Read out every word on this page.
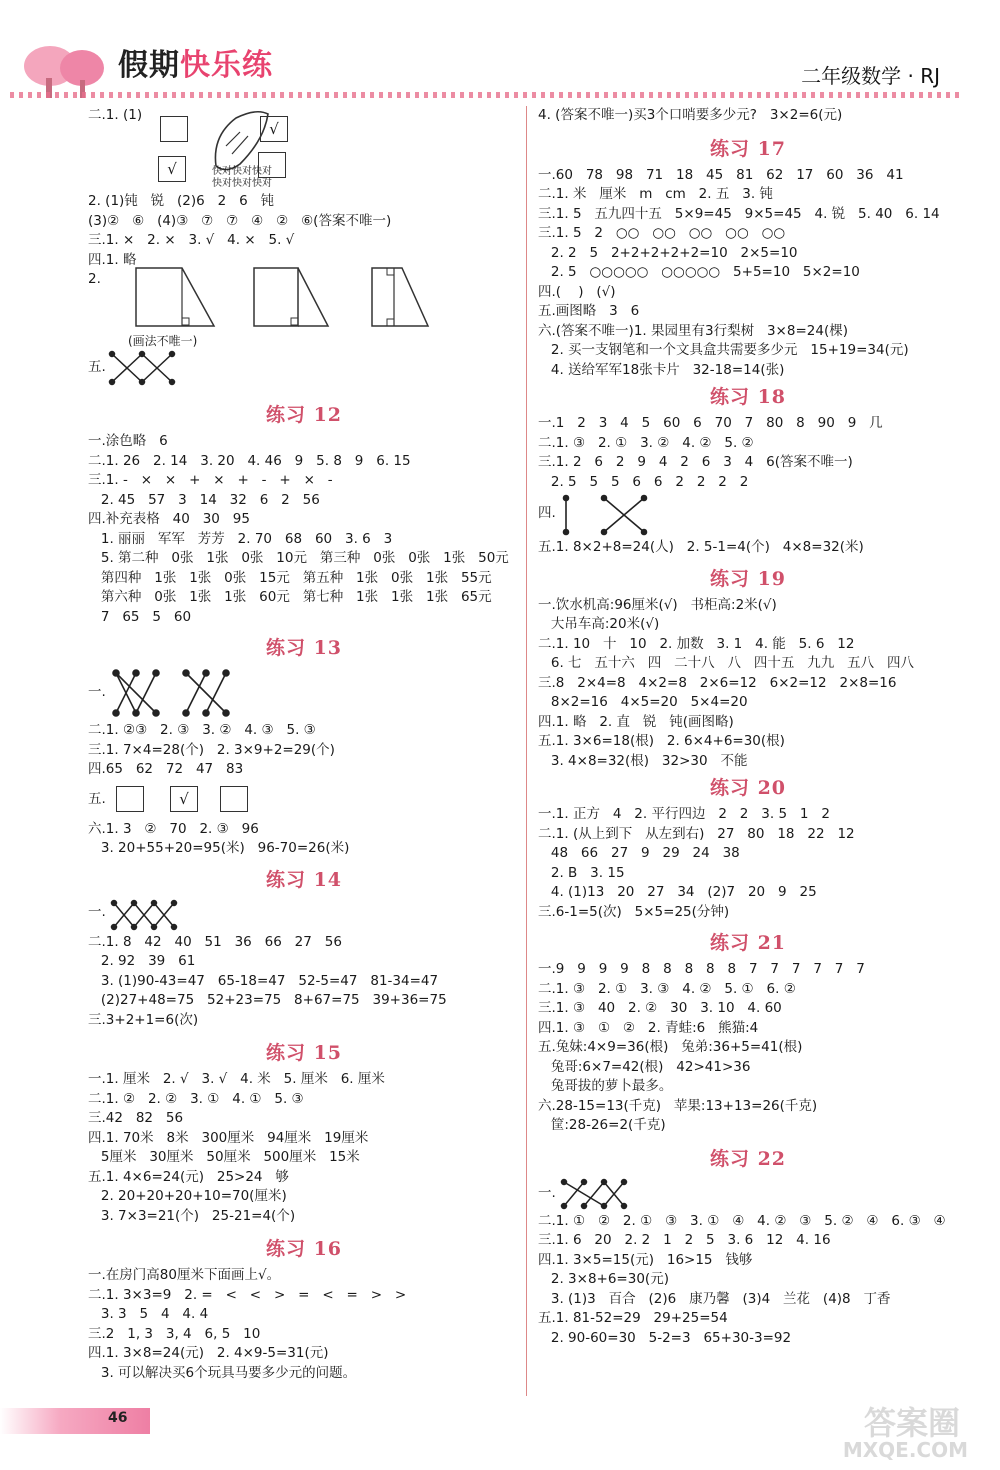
假期快乐练	二年级数学 · RJ
二.1. (1)
√
√	快对快对快对
快对快对快对
2. (1)钝   锐   (2)6   2   6   钝
(3)②   ⑥   (4)③   ⑦   ⑦   ④   ②   ⑥(答案不唯一)
三.1. ×   2. ×   3. √   4. ×   5. √
四.1. 略
2.
(画法不唯一)
五.
练习 12
一.涂色略   6
二.1. 26   2. 14   3. 20   4. 46   9   5. 8   9   6. 15
三.1. -   ×   ×   +   ×   +   -   +   ×   -
2. 45   57   3   14   32   6   2   56
四.补充表格   40   30   95
1. 丽丽   军军   芳芳   2. 70   68   60   3. 6   3
5. 第二种   0张   1张   0张   10元   第三种   0张   0张   1张   50元
第四种   1张   1张   0张   15元   第五种   1张   0张   1张   55元
第六种   0张   1张   1张   60元   第七种   1张   1张   1张   65元
7   65   5   60
练习 13
一.
二.1. ②③   2. ③   3. ②   4. ③   5. ③
三.1. 7×4=28(个)   2. 3×9+2=29(个)
四.65   62   72   47   83
五.	√
六.1. 3   ②   70   2. ③   96
3. 20+55+20=95(米)   96-70=26(米)
练习 14
一.
二.1. 8   42   40   51   36   66   27   56
2. 92   39   61
3. (1)90-43=47   65-18=47   52-5=47   81-34=47
(2)27+48=75   52+23=75   8+67=75   39+36=75
三.3+2+1=6(次)
练习 15
一.1. 厘米   2. √   3. √   4. 米   5. 厘米   6. 厘米
二.1. ②   2. ②   3. ①   4. ①   5. ③
三.42   82   56
四.1. 70米   8米   300厘米   94厘米   19厘米
5厘米   30厘米   50厘米   500厘米   15米
五.1. 4×6=24(元)   25>24   够
2. 20+20+20+10=70(厘米)
3. 7×3=21(个)   25-21=4(个)
练习 16
一.在房门高80厘米下面画上√。
二.1. 3×3=9   2. =   <   <   >   =   <   =   >   >
3. 3   5   4   4. 4
三.2   1, 3   3, 4   6, 5   10
四.1. 3×8=24(元)   2. 4×9-5=31(元)
3. 可以解决买6个玩具马要多少元的问题。
4. (答案不唯一)买3个口哨要多少元?   3×2=6(元)
练习 17
一.60   78   98   71   18   45   81   62   17   60   36   41
二.1. 米   厘米   m   cm   2. 五   3. 钝
三.1. 5   五九四十五   5×9=45   9×5=45   4. 锐   5. 40   6. 14
三.1. 5   2   ○○   ○○   ○○   ○○   ○○
2. 2   5   2+2+2+2+2=10   2×5=10
2. 5   ○○○○○   ○○○○○   5+5=10   5×2=10
四.(    )   (√)
五.画图略   3   6
六.(答案不唯一)1. 果园里有3行梨树   3×8=24(棵)
2. 买一支钢笔和一个文具盒共需要多少元   15+19=34(元)
4. 送给军军18张卡片   32-18=14(张)
练习 18
一.1   2   3   4   5   60   6   70   7   80   8   90   9   几
二.1. ③   2. ①   3. ②   4. ②   5. ②
三.1. 2   6   2   9   4   2   6   3   4   6(答案不唯一)
2. 5   5   5   6   6   2   2   2   2
四.
五.1. 8×2+8=24(人)   2. 5-1=4(个)   4×8=32(米)
练习 19
一.饮水机高:96厘米(√)   书柜高:2米(√)
大吊车高:20米(√)
二.1. 10   十   10   2. 加数   3. 1   4. 能   5. 6   12
6. 七   五十六   四   二十八   八   四十五   九九   五八   四八
三.8   2×4=8   4×2=8   2×6=12   6×2=12   2×8=16
8×2=16   4×5=20   5×4=20
四.1. 略   2. 直   锐   钝(画图略)
五.1. 3×6=18(根)   2. 6×4+6=30(根)
3. 4×8=32(根)   32>30   不能
练习 20
一.1. 正方   4   2. 平行四边   2   2   3. 5   1   2
二.1. (从上到下   从左到右)   27   80   18   22   12
48   66   27   9   29   24   38
2. B   3. 15
4. (1)13   20   27   34   (2)7   20   9   25
三.6-1=5(次)   5×5=25(分钟)
练习 21
一.9   9   9   9   8   8   8   8   8   7   7   7   7   7   7
二.1. ③   2. ①   3. ③   4. ②   5. ①   6. ②
三.1. ③   40   2. ②   30   3. 10   4. 60
四.1. ③   ①   ②   2. 青蛙:6   熊猫:4
五.兔妹:4×9=36(根)   兔弟:36+5=41(根)
兔哥:6×7=42(根)   42>41>36
兔哥拔的萝卜最多。
六.28-15=13(千克)   苹果:13+13=26(千克)
筐:28-26=2(千克)
练习 22
一.
二.1. ①   ②   2. ①   ③   3. ①   ④   4. ②   ③   5. ②   ④   6. ③   ④
三.1. 6   20   2. 2   1   2   5   3. 6   12   4. 16
四.1. 3×5=15(元)   16>15   钱够
2. 3×8+6=30(元)
3. (1)3   百合   (2)6   康乃馨   (3)4   兰花   (4)8   丁香
五.1. 81-52=29   29+25=54
2. 90-60=30   5-2=3   65+30-3=92
46	答案圈
MXQE.COM
